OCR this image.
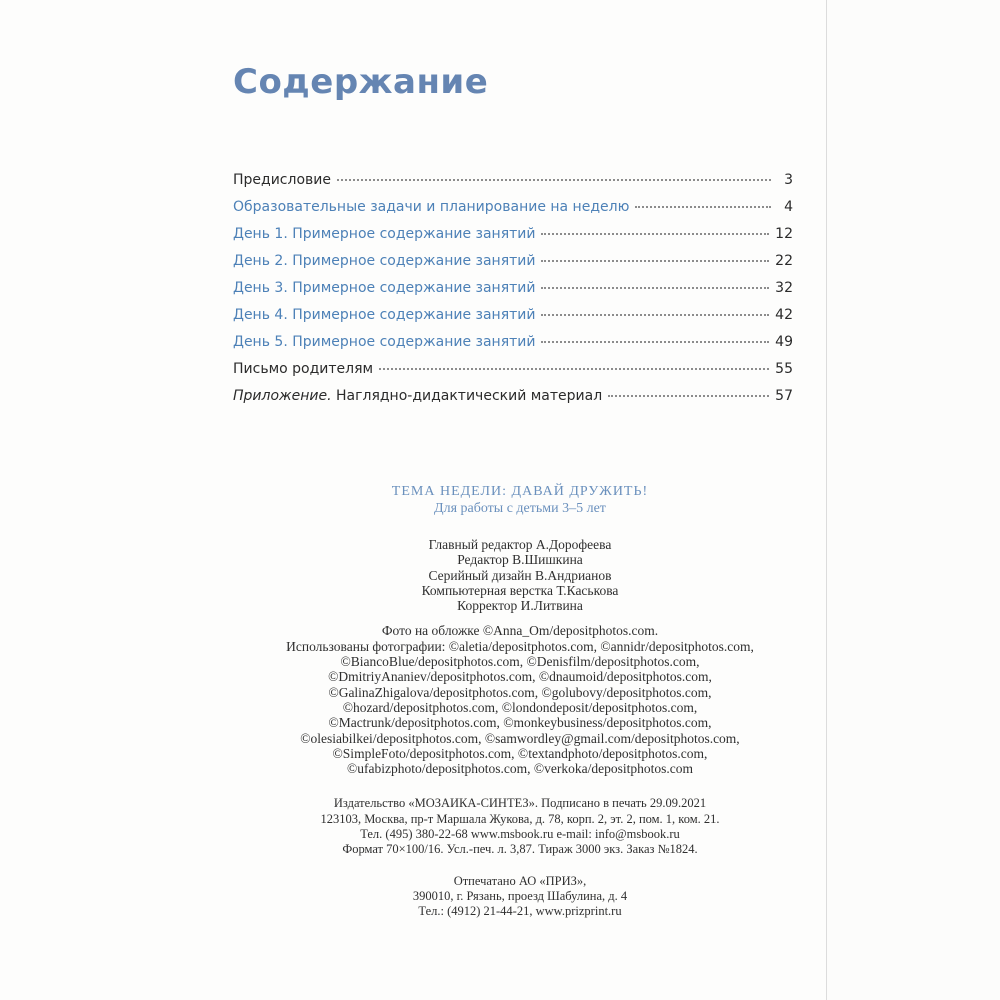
Содержание
Предисловие	3
Образовательные задачи и планирование на неделю	4
День 1. Примерное содержание занятий	12
День 2. Примерное содержание занятий	22
День 3. Примерное содержание занятий	32
День 4. Примерное содержание занятий	42
День 5. Примерное содержание занятий	49
Письмо родителям	55
Приложение. Наглядно-дидактический материал	57
ТЕМА НЕДЕЛИ: ДАВАЙ ДРУЖИТЬ!
Для работы с детьми 3–5 лет
Главный редактор А.Дорофеева
Редактор В.Шишкина
Серийный дизайн В.Андрианов
Компьютерная верстка Т.Каськова
Корректор И.Литвина
Фото на обложке ©Anna_Om/depositphotos.com.
Использованы фотографии: ©aletia/depositphotos.com, ©annidr/depositphotos.com,
©BiancoBlue/depositphotos.com, ©Denisfilm/depositphotos.com,
©DmitriyAnaniev/depositphotos.com, ©dnaumoid/depositphotos.com,
©GalinaZhigalova/depositphotos.com, ©golubovy/depositphotos.com,
©hozard/depositphotos.com, ©londondeposit/depositphotos.com,
©Mactrunk/depositphotos.com, ©monkeybusiness/depositphotos.com,
©olesiabilkei/depositphotos.com, ©samwordley@gmail.com/depositphotos.com,
©SimpleFoto/depositphotos.com, ©textandphoto/depositphotos.com,
©ufabizphoto/depositphotos.com, ©verkoka/depositphotos.com
Издательство «МОЗАИКА-СИНТЕЗ». Подписано в печать 29.09.2021
123103, Москва, пр-т Маршала Жукова, д. 78, корп. 2, эт. 2, пом. 1, ком. 21.
Тел. (495) 380-22-68 www.msbook.ru e-mail: info@msbook.ru
Формат 70×100/16. Усл.-печ. л. 3,87. Тираж 3000 экз. Заказ №1824.
Отпечатано АО «ПРИЗ»,
390010, г. Рязань, проезд Шабулина, д. 4
Тел.: (4912) 21-44-21, www.prizprint.ru
